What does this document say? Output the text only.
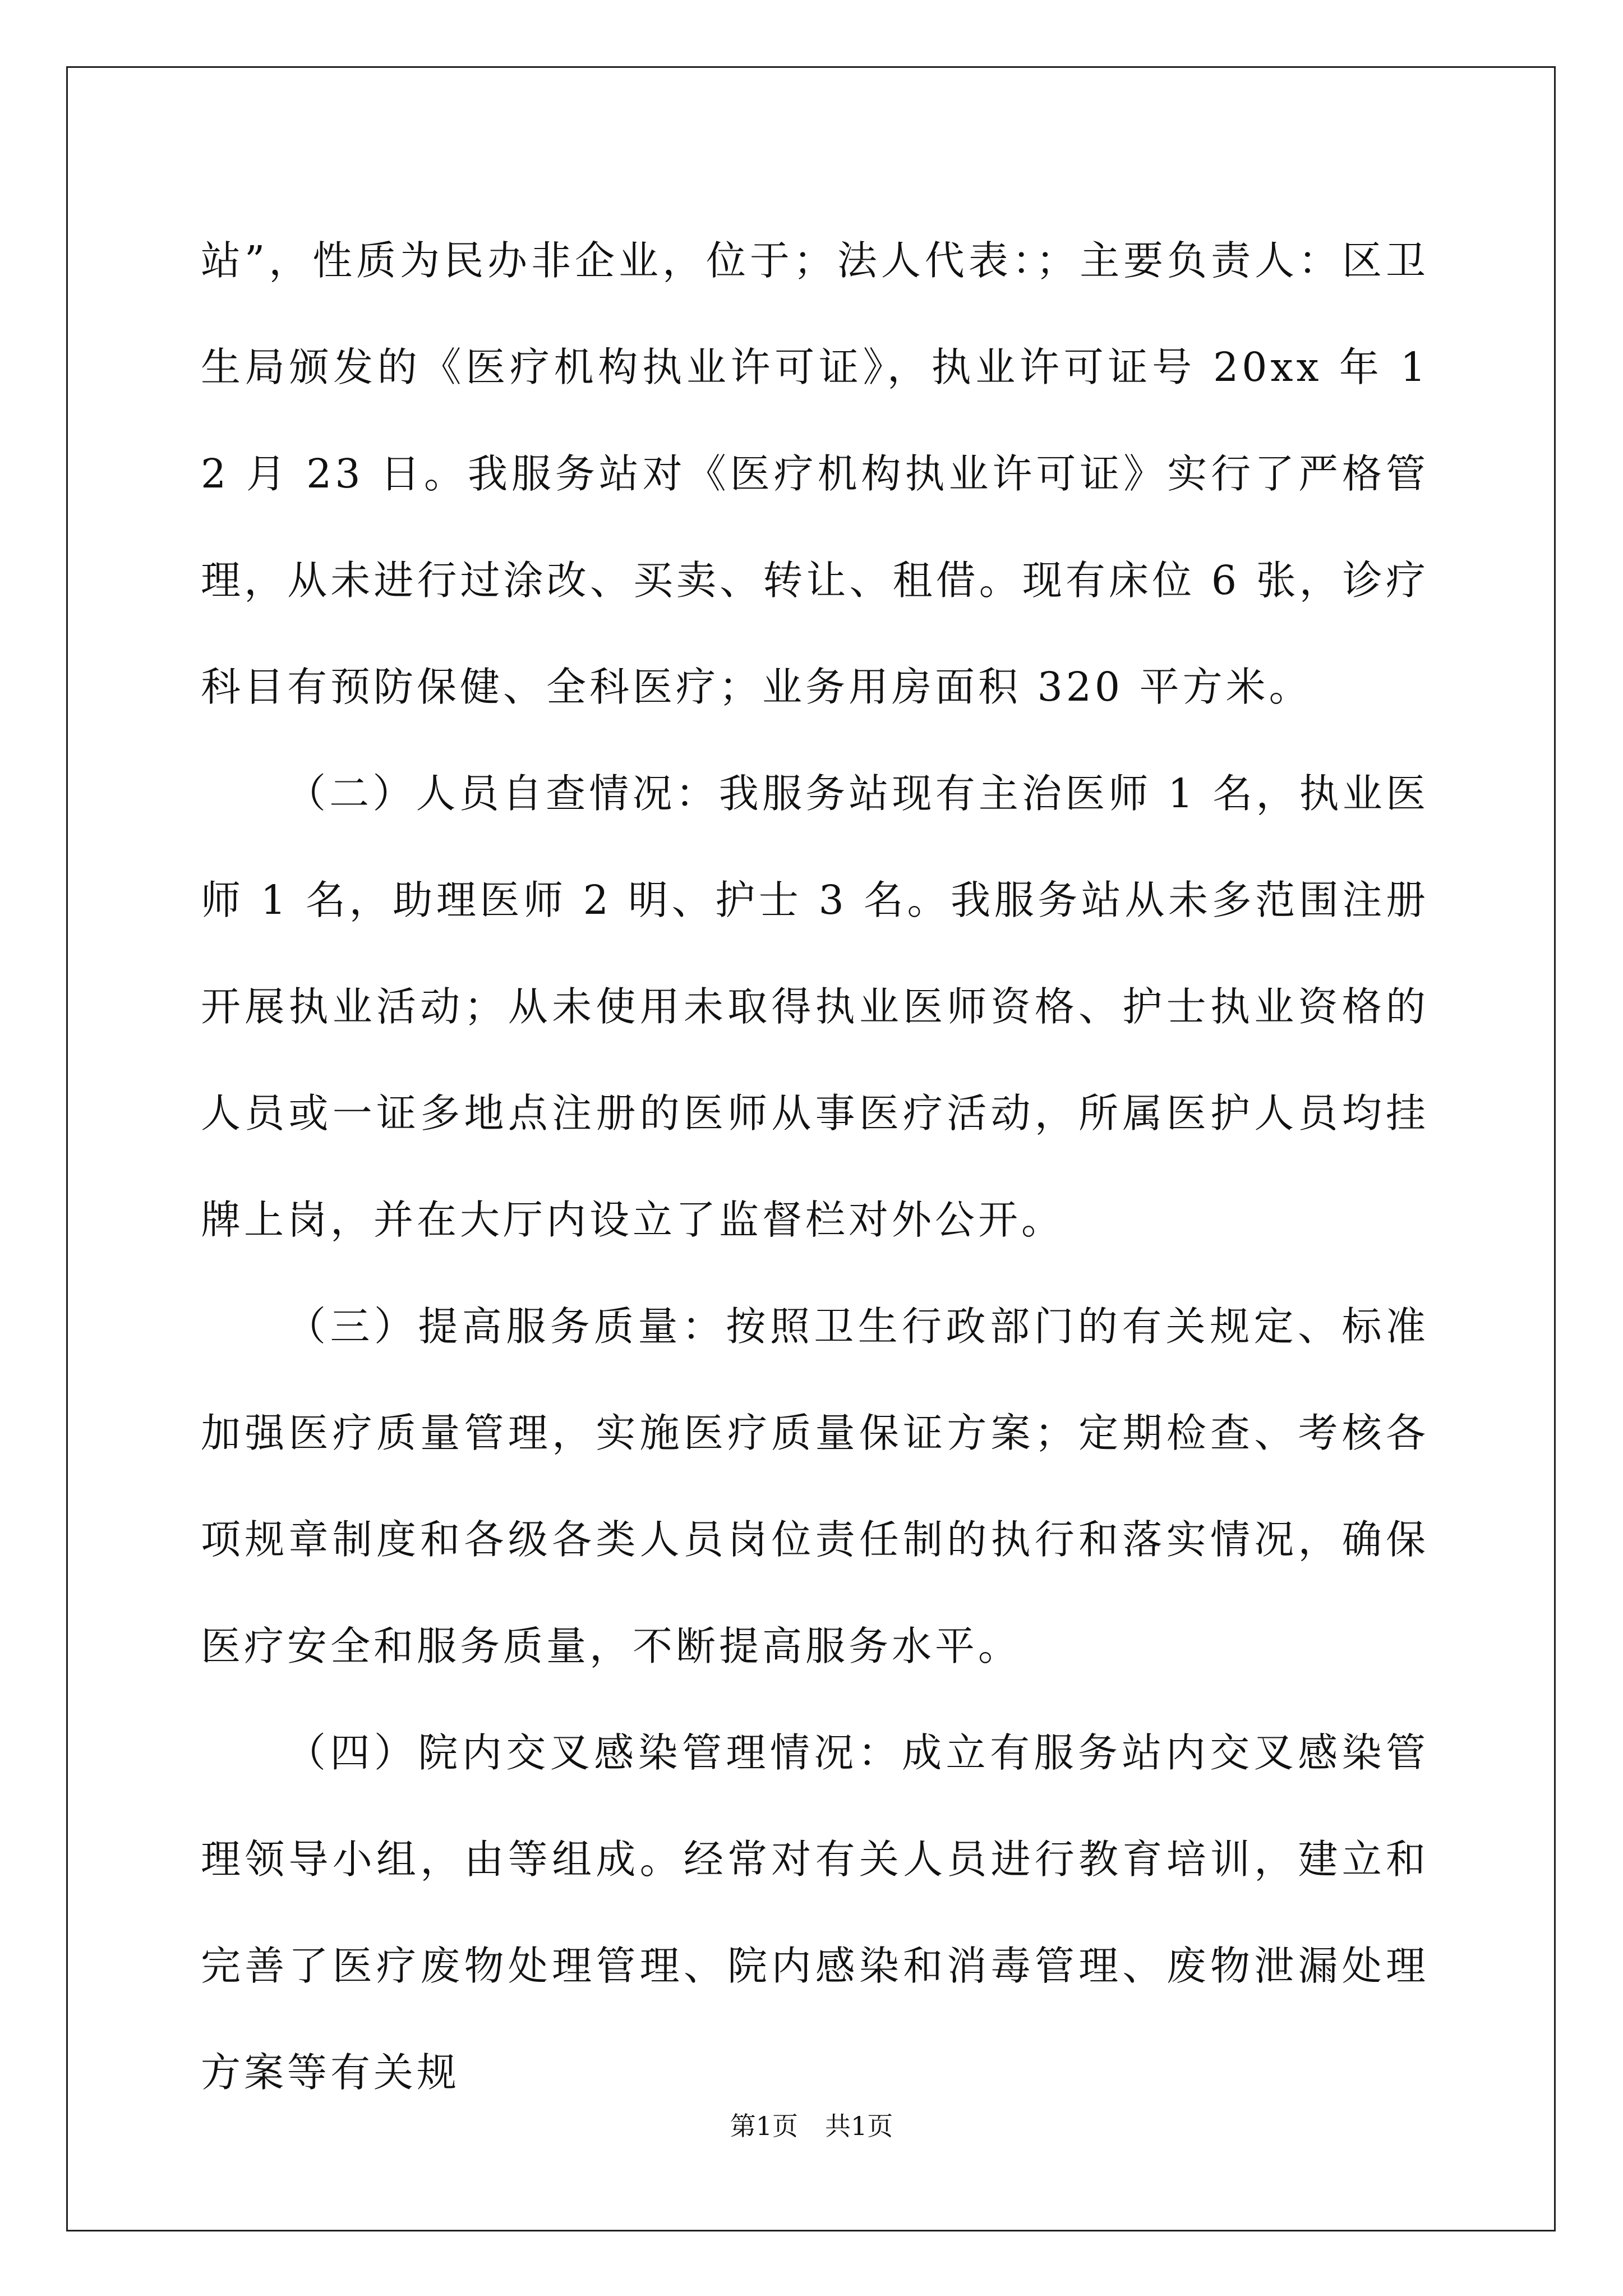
站”，性质为民办非企业，位于；法人代表：；主要负责人：区卫生局颁发的《医疗机构执业许可证》，执业许可证号 20xx 年 12 月 23 日。我服务站对《医疗机构执业许可证》实行了严格管理，从未进行过涂改、买卖、转让、租借。现有床位 6 张，诊疗科目有预防保健、全科医疗；业务用房面积 320 平方米。

（二）人员自查情况：我服务站现有主治医师 1 名，执业医师 1 名，助理医师 2 明、护士 3 名。我服务站从未多范围注册开展执业活动；从未使用未取得执业医师资格、护士执业资格的人员或一证多地点注册的医师从事医疗活动，所属医护人员均挂牌上岗，并在大厅内设立了监督栏对外公开。

（三）提高服务质量：按照卫生行政部门的有关规定、标准加强医疗质量管理，实施医疗质量保证方案；定期检查、考核各项规章制度和各级各类人员岗位责任制的执行和落实情况，确保医疗安全和服务质量，不断提高服务水平。

（四）院内交叉感染管理情况：成立有服务站内交叉感染管理领导小组，由等组成。经常对有关人员进行教育培训，建立和完善了医疗废物处理管理、院内感染和消毒管理、废物泄漏处理方案等有关规

第1页 共1页
